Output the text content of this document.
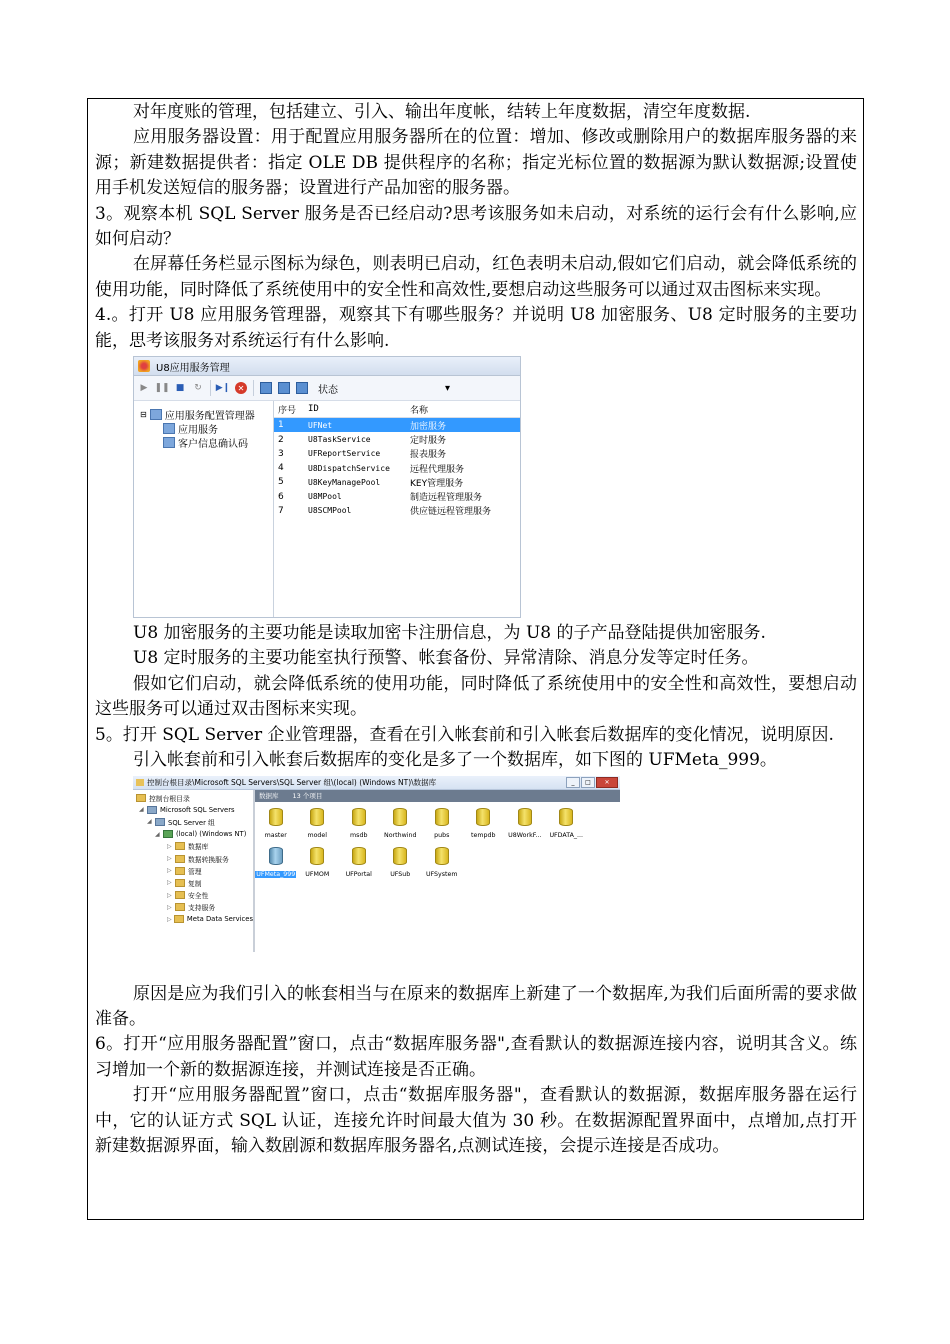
对年度账的管理，包括建立、引入、输出年度帐，结转上年度数据，清空年度数据.

应用服务器设置：用于配置应用服务器所在的位置：增加、修改或删除用户的数据库服务器的来源；新建数据提供者：指定 OLE DB 提供程序的名称；指定光标位置的数据源为默认数据源;设置使用手机发送短信的服务器；设置进行产品加密的服务器。

3。观察本机 SQL Server 服务是否已经启动?思考该服务如未启动，对系统的运行会有什么影响,应如何启动？

在屏幕任务栏显示图标为绿色，则表明已启动，红色表明未启动,假如它们启动，就会降低系统的使用功能，同时降低了系统使用中的安全性和高效性,要想启动这些服务可以通过双击图标来实现。

4.。打开 U8 应用服务管理器，观察其下有哪些服务？并说明 U8 加密服务、U8 定时服务的主要功能，思考该服务对系统运行有什么影响.

U8应用服务管理
▶ ❚❚ ■ ↻ ▶❙ ✕	状态	▾
⊟ 应用服务配置管理器
应用服务
客户信息确认码
序号	ID	名称
1	UFNet	加密服务
2	U8TaskService	定时服务
3	UFReportService	报表服务
4	U8DispatchService	远程代理服务
5	U8KeyManagePool	KEY管理服务
6	U8MPool	制造远程管理服务
7	U8SCMPool	供应链远程管理服务

U8 加密服务的主要功能是读取加密卡注册信息，为 U8 的子产品登陆提供加密服务.

U8 定时服务的主要功能室执行预警、帐套备份、异常清除、消息分发等定时任务。

假如它们启动，就会降低系统的使用功能，同时降低了系统使用中的安全性和高效性，要想启动这些服务可以通过双击图标来实现。

5。打开 SQL Server 企业管理器，查看在引入帐套前和引入帐套后数据库的变化情况，说明原因.

引入帐套前和引入帐套后数据库的变化是多了一个数据库，如下图的 UFMeta_999。

控制台根目录\Microsoft SQL Servers\SQL Server 组\(local) (Windows NT)\数据库	_	□	✕
控制台根目录
◢	Microsoft SQL Servers
◢	SQL Server 组
◢	(local) (Windows NT)
▷	数据库
▷	数据转换服务
▷	管理
▷	复制
▷	安全性
▷	支持服务
▷	Meta Data Services
数据库 13 个项目
master	model	msdb	Northwind	pubs	tempdb U8WorkF... UFDATA_...
UFMeta_999 UFMOM	UFPortal	UFSub UFSystem

原因是应为我们引入的帐套相当与在原来的数据库上新建了一个数据库,为我们后面所需的要求做准备。

6。打开“应用服务器配置”窗口，点击“数据库服务器",查看默认的数据源连接内容，说明其含义。练习增加一个新的数据源连接，并测试连接是否正确。

打开“应用服务器配置”窗口，点击“数据库服务器"，查看默认的数据源，数据库服务器在运行中，它的认证方式 SQL 认证，连接允许时间最大值为 30 秒。在数据源配置界面中，点增加,点打开新建数据源界面，输入数剧源和数据库服务器名,点测试连接，会提示连接是否成功。
